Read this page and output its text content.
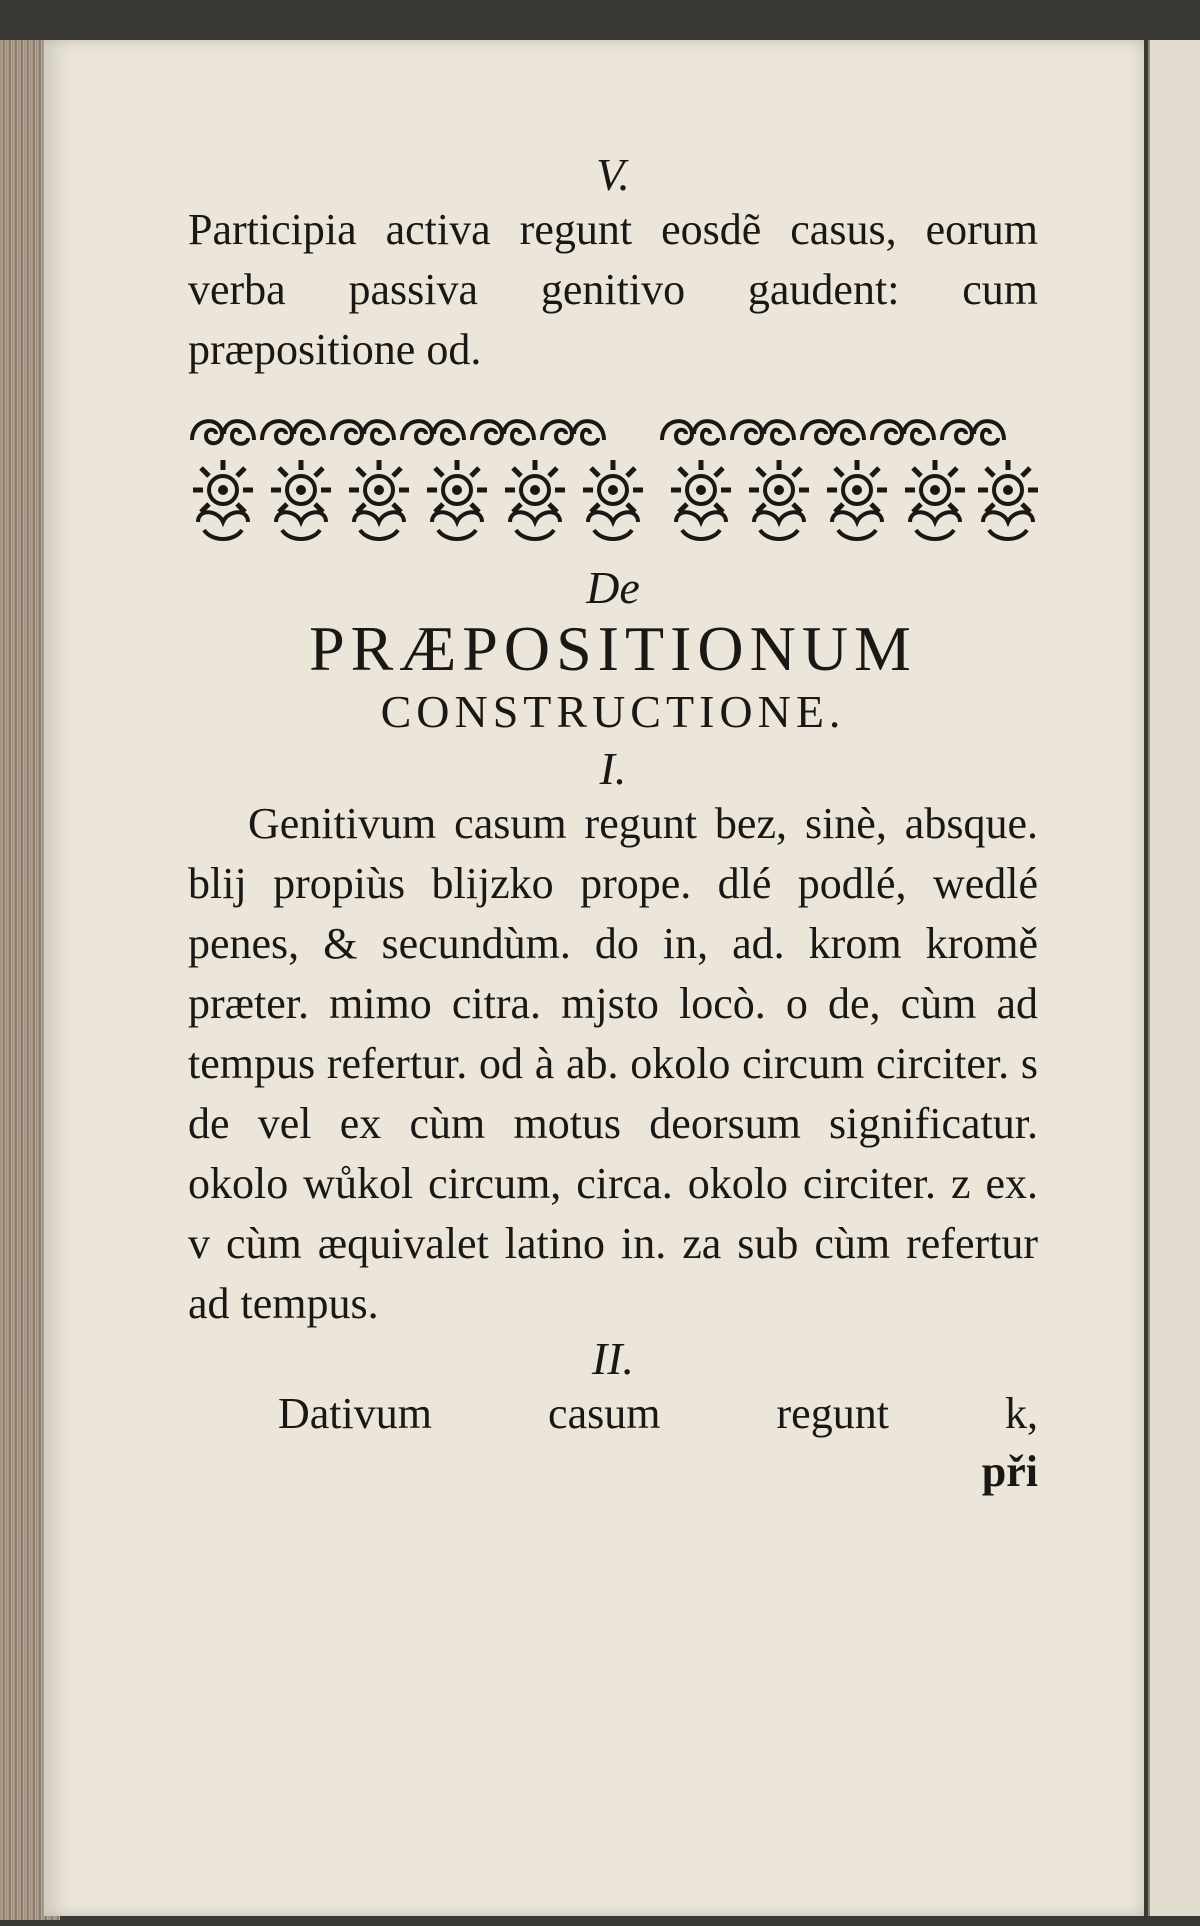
V.

Participia activa regunt eosdẽ casus, eorum verba passiva genitivo gaudent: cum præpositione od.

De

PRÆPOSITIONUM

CONSTRUCTIONE.

I.

Genitivum casum regunt bez, sinè, absque. blij propiùs blijzko prope. dlé podlé, wedlé penes, & secundùm. do in, ad. krom kromě præter. mimo citra. mjsto locò. o de, cùm ad tempus refertur. od à ab. okolo circum circiter. s de vel ex cùm motus deorsum significatur. okolo wůkol circum, circa. okolo circiter. z ex. v cùm æquivalet latino in. za sub cùm refertur ad tempus.

II.

Dativum	casum	regunt	k,

při
